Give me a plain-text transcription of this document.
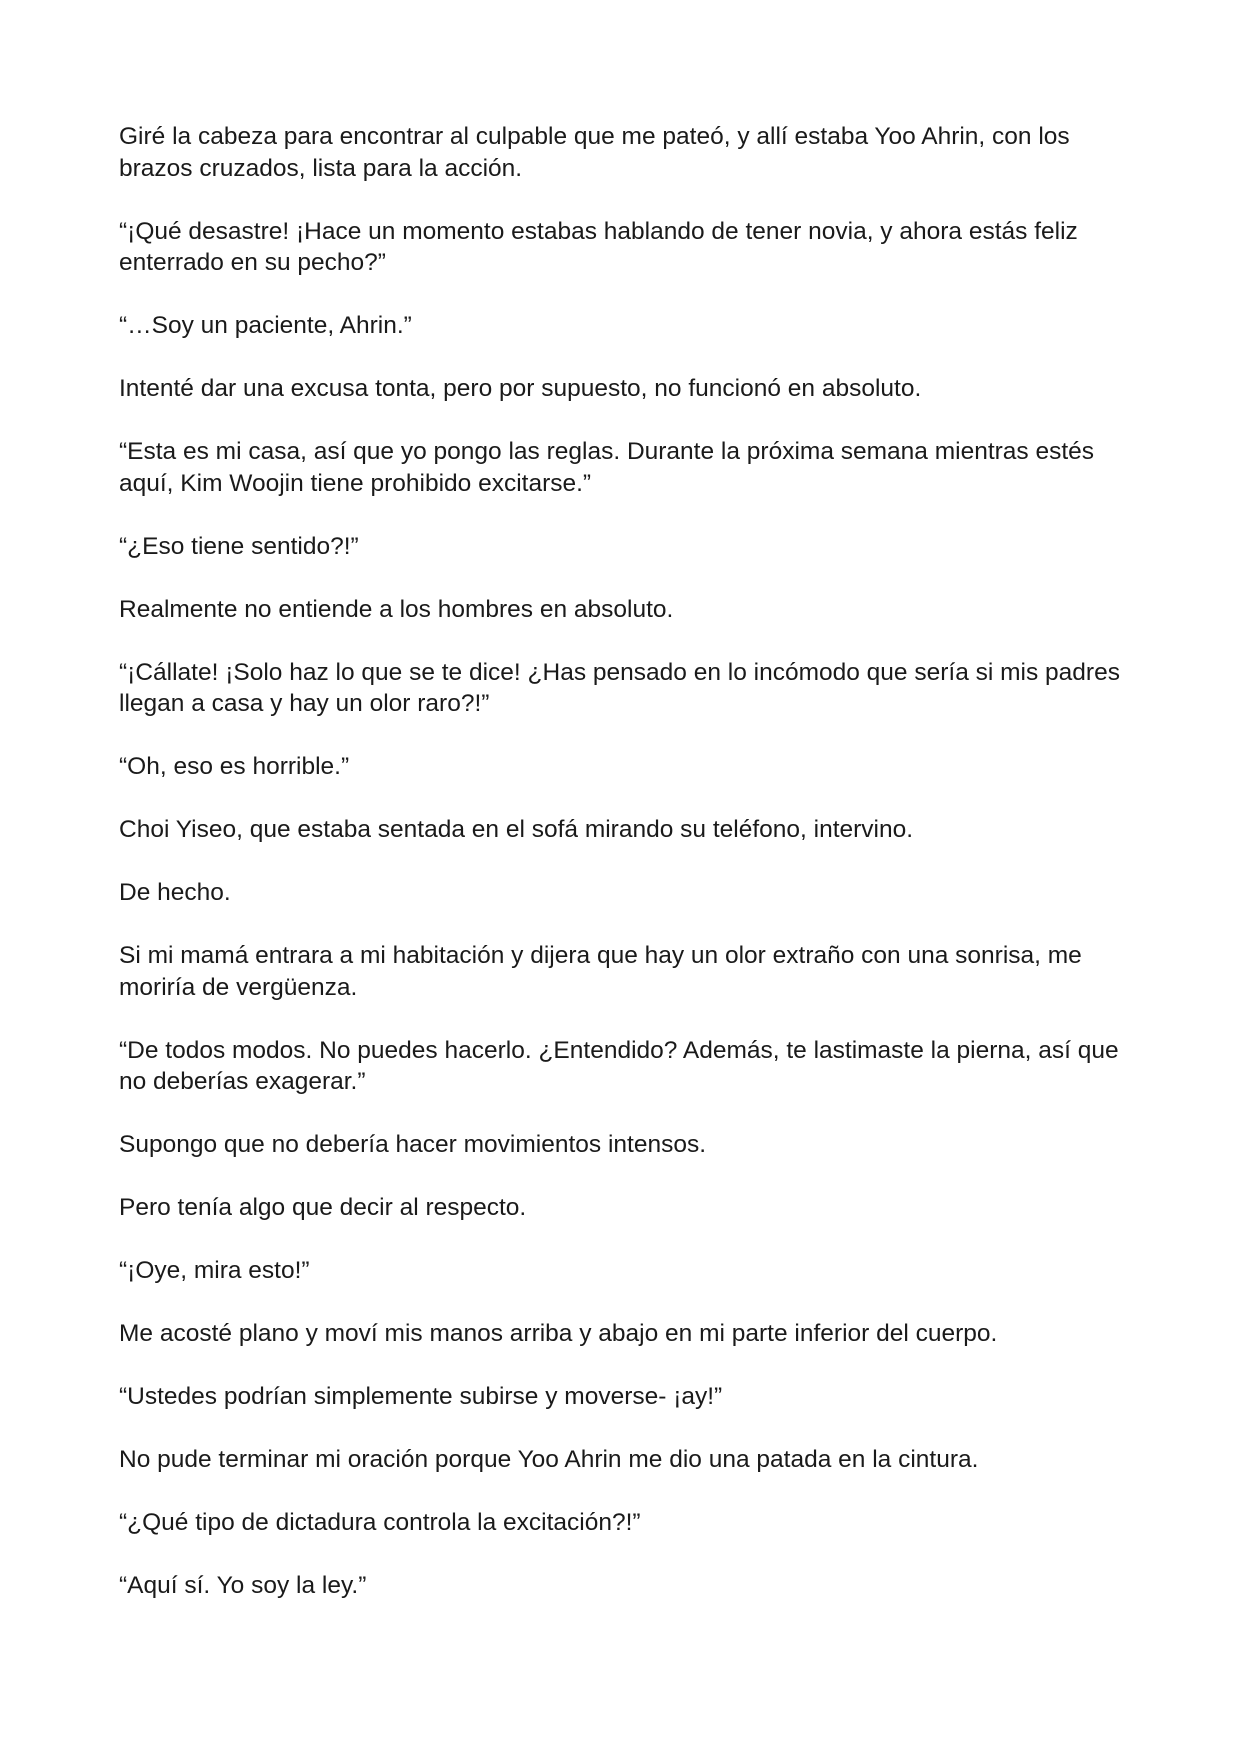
Giré la cabeza para encontrar al culpable que me pateó, y allí estaba Yoo Ahrin, con los brazos cruzados, lista para la acción.

“¡Qué desastre! ¡Hace un momento estabas hablando de tener novia, y ahora estás feliz enterrado en su pecho?”

“…Soy un paciente, Ahrin.”

Intenté dar una excusa tonta, pero por supuesto, no funcionó en absoluto.

“Esta es mi casa, así que yo pongo las reglas. Durante la próxima semana mientras estés aquí, Kim Woojin tiene prohibido excitarse.”

“¿Eso tiene sentido?!”

Realmente no entiende a los hombres en absoluto.

“¡Cállate! ¡Solo haz lo que se te dice! ¿Has pensado en lo incómodo que sería si mis padres llegan a casa y hay un olor raro?!”

“Oh, eso es horrible.”

Choi Yiseo, que estaba sentada en el sofá mirando su teléfono, intervino.

De hecho.

Si mi mamá entrara a mi habitación y dijera que hay un olor extraño con una sonrisa, me moriría de vergüenza.

“De todos modos. No puedes hacerlo. ¿Entendido? Además, te lastimaste la pierna, así que no deberías exagerar.”

Supongo que no debería hacer movimientos intensos.

Pero tenía algo que decir al respecto.

“¡Oye, mira esto!”

Me acosté plano y moví mis manos arriba y abajo en mi parte inferior del cuerpo.

“Ustedes podrían simplemente subirse y moverse- ¡ay!”

No pude terminar mi oración porque Yoo Ahrin me dio una patada en la cintura.

“¿Qué tipo de dictadura controla la excitación?!”

“Aquí sí. Yo soy la ley.”
